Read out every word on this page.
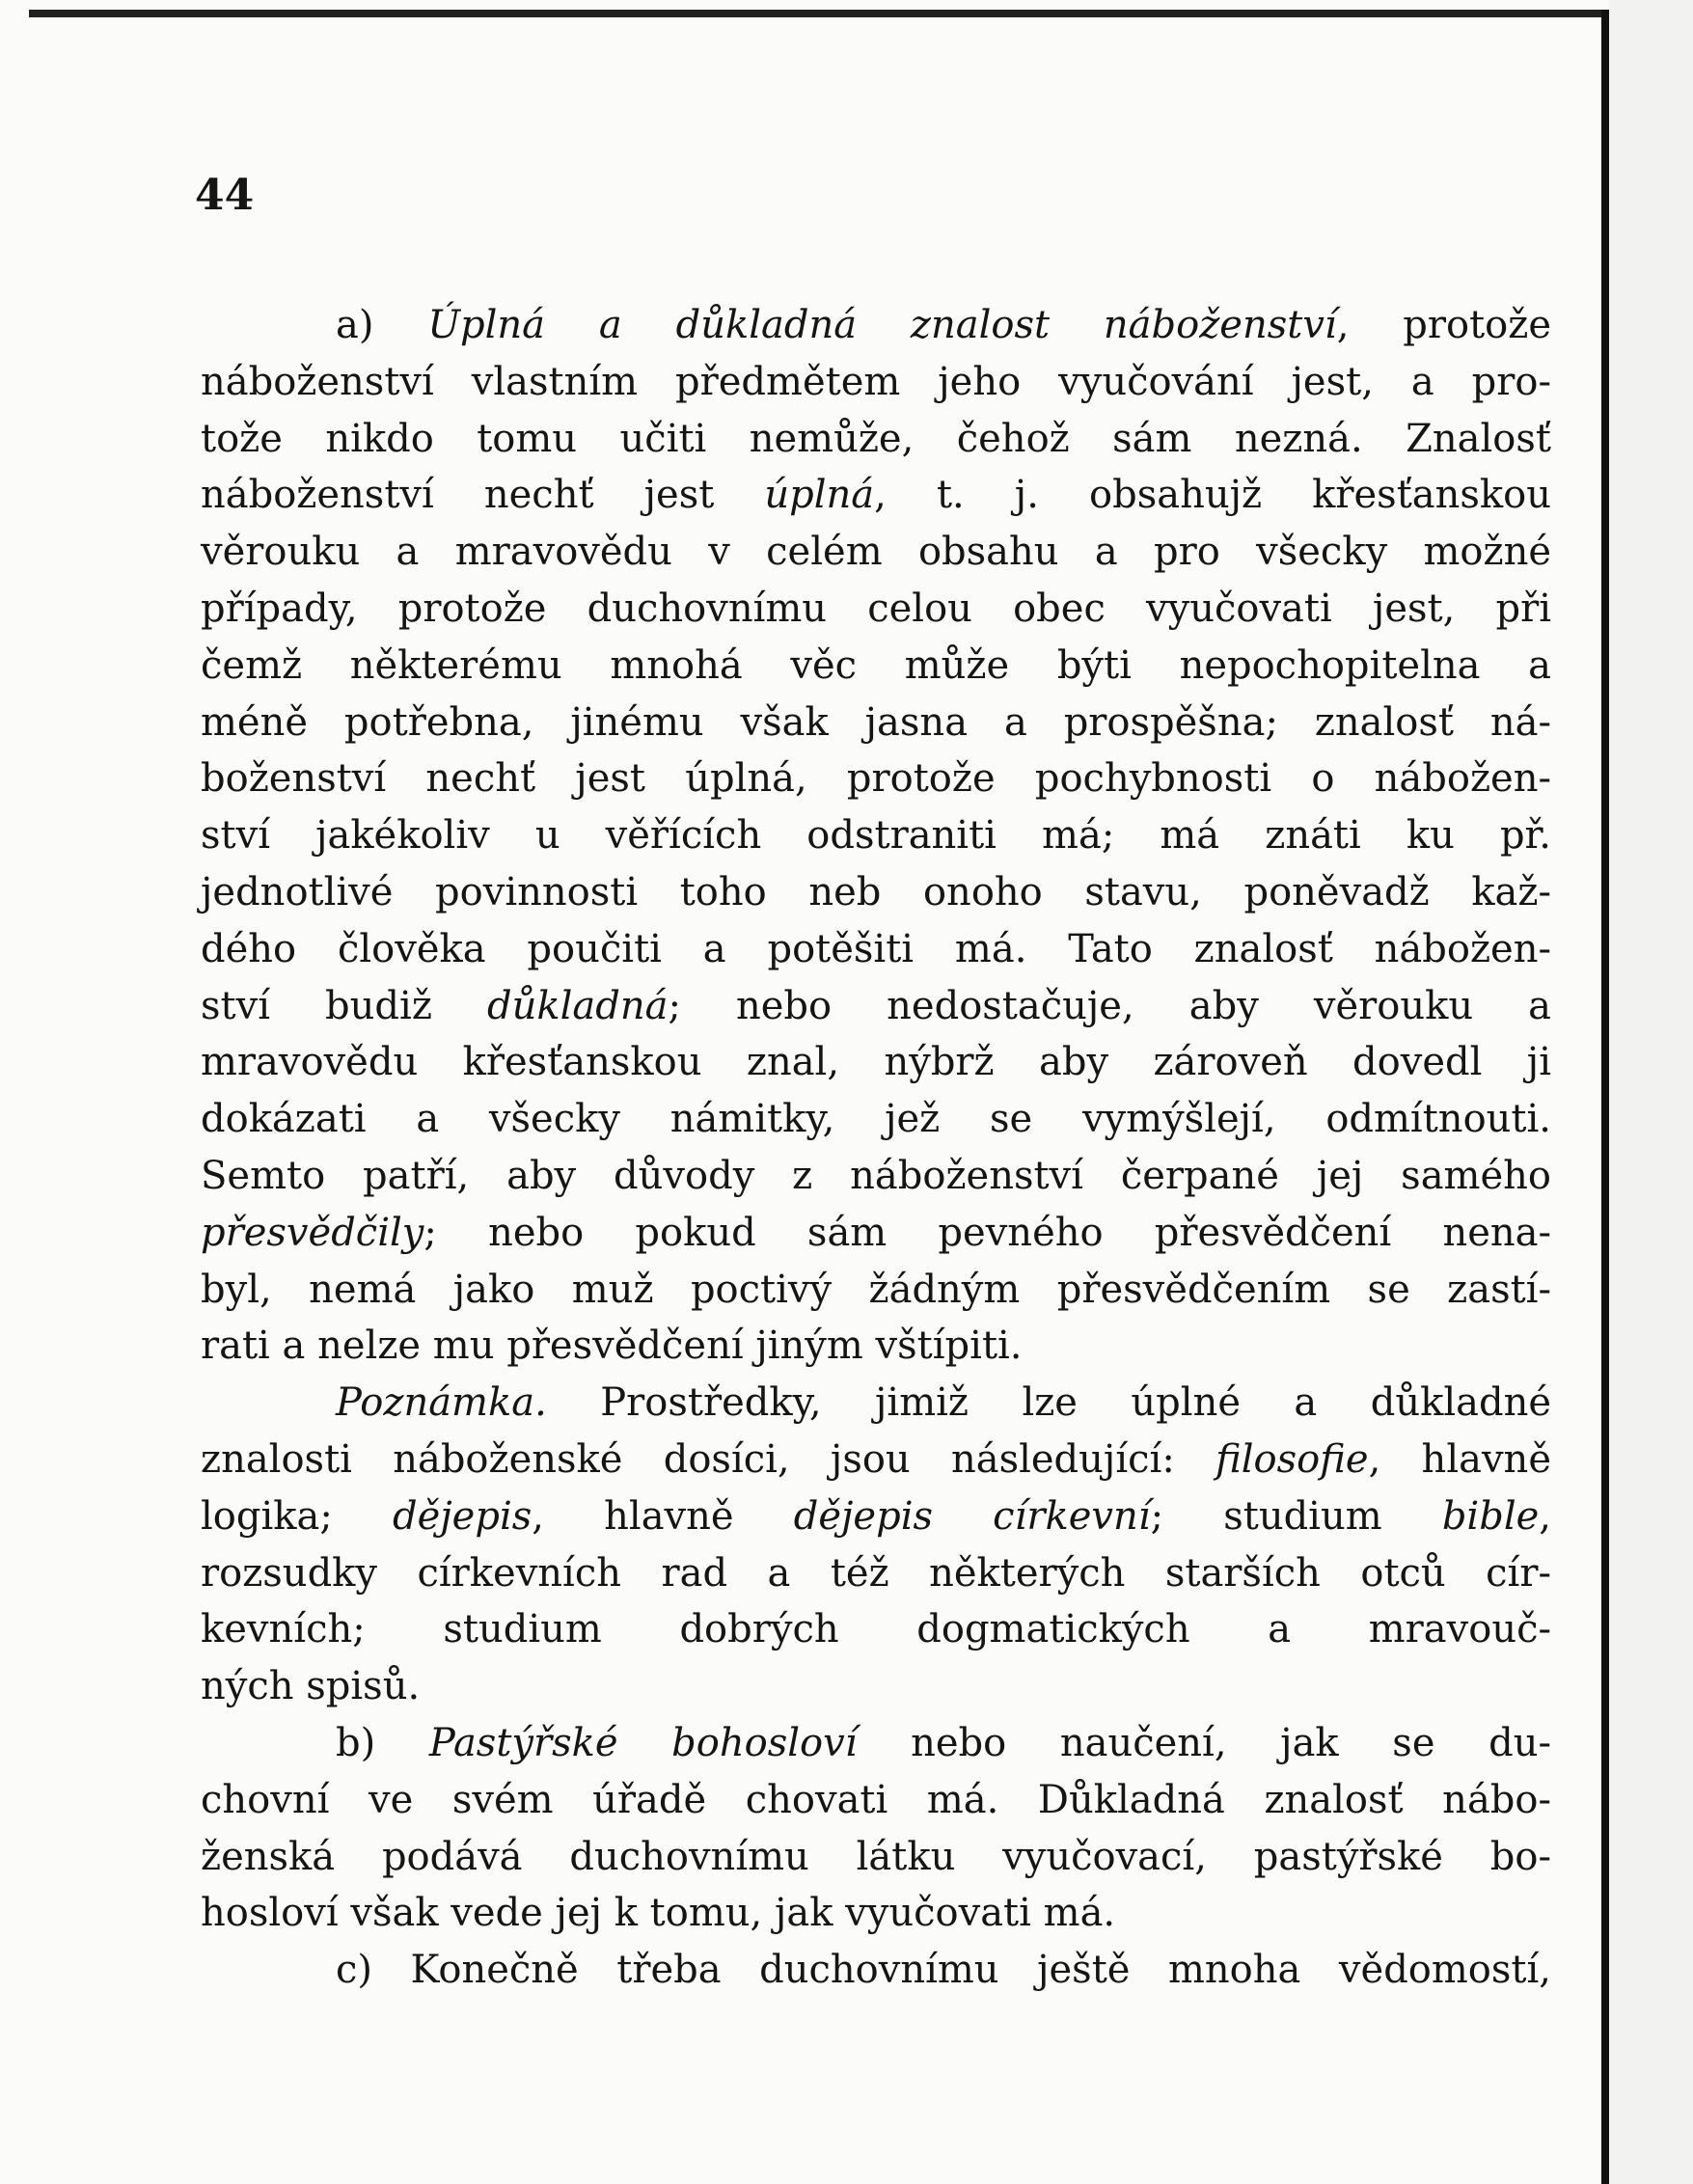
44
a) Úplná a důkladná znalost náboženství, protože
náboženství vlastním předmětem jeho vyučování jest, a pro-
tože nikdo tomu učiti nemůže, čehož sám nezná. Znalosť
náboženství nechť jest úplná, t. j. obsahujž křesťanskou
věrouku a mravovědu v celém obsahu a pro všecky možné
případy, protože duchovnímu celou obec vyučovati jest, při
čemž některému mnohá věc může býti nepochopitelna a
méně potřebna, jinému však jasna a prospěšna; znalosť ná-
boženství nechť jest úplná, protože pochybnosti o nábožen-
ství jakékoliv u věřících odstraniti má; má znáti ku př.
jednotlivé povinnosti toho neb onoho stavu, poněvadž kaž-
dého člověka poučiti a potěšiti má. Tato znalosť nábožen-
ství budiž důkladná; nebo nedostačuje, aby věrouku a
mravovědu křesťanskou znal, nýbrž aby zároveň dovedl ji
dokázati a všecky námitky, jež se vymýšlejí, odmítnouti.
Semto patří, aby důvody z náboženství čerpané jej samého
přesvědčily; nebo pokud sám pevného přesvědčení nena-
byl, nemá jako muž poctivý žádným přesvědčením se zastí-
rati a nelze mu přesvědčení jiným vštípiti.
Poznámka. Prostředky, jimiž lze úplné a důkladné
znalosti náboženské dosíci, jsou následující: filosofie, hlavně
logika; dějepis, hlavně dějepis církevní; studium bible,
rozsudky církevních rad a též některých starších otců cír-
kevních; studium dobrých dogmatických a mravouč-
ných spisů.
b) Pastýřské bohosloví nebo naučení, jak se du-
chovní ve svém úřadě chovati má. Důkladná znalosť nábo-
ženská podává duchovnímu látku vyučovací, pastýřské bo-
hosloví však vede jej k tomu, jak vyučovati má.
c) Konečně třeba duchovnímu ještě mnoha vědomostí,
